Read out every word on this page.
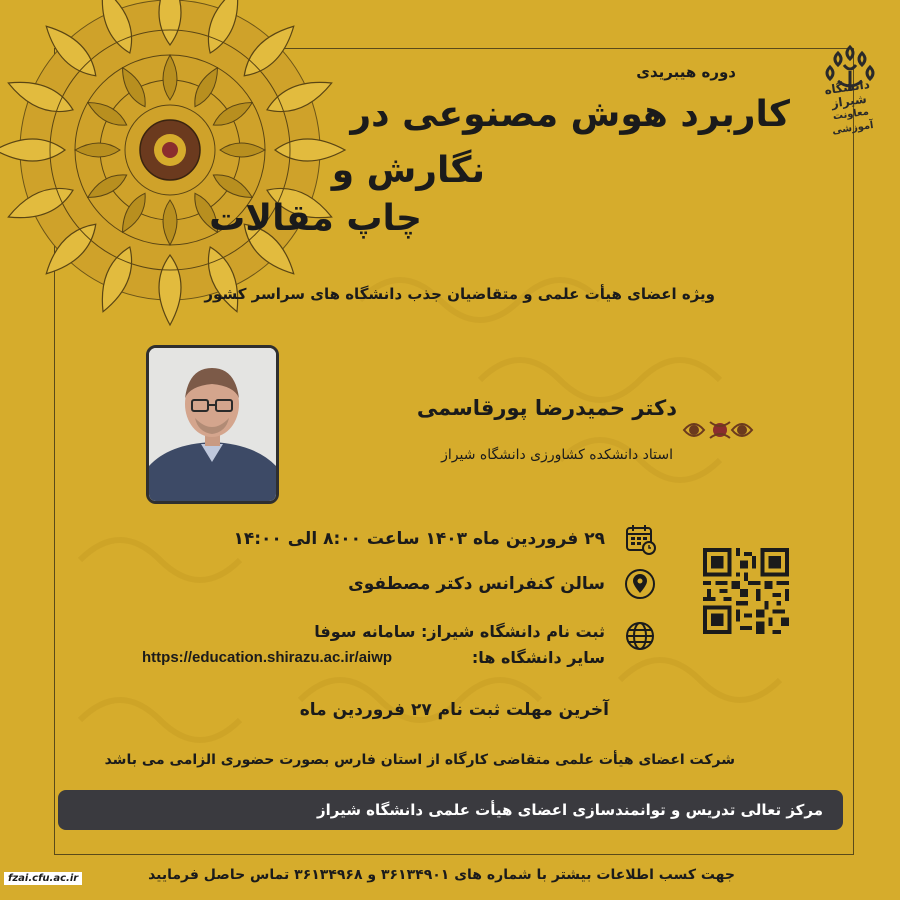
دانشگاه شیراز
معاونت آموزشی
دوره هیبریدی
کاربرد هوش مصنوعی در
نگارش و
چاپ مقالات
ویژه اعضای هیأت علمی و متقاضیان جذب دانشگاه های سراسر کشور
دکتر حمیدرضا پورقاسمی
استاد دانشکده کشاورزی دانشگاه شیراز
۲۹ فروردین ماه ۱۴۰۳ ساعت ۸:۰۰ الی ۱۴:۰۰
سالن کنفرانس دکتر مصطفوی
ثبت نام دانشگاه شیراز: سامانه سوفا
سایر دانشگاه ها:
https://education.shirazu.ac.ir/aiwp
آخرین مهلت ثبت نام ۲۷ فروردین ماه
شرکت اعضای هیأت علمی متقاضی کارگاه از استان فارس بصورت حضوری الزامی می باشد
مرکز تعالی تدریس و توانمندسازی اعضای هیأت علمی دانشگاه شیراز
جهت کسب اطلاعات بیشتر با شماره های ۳۶۱۳۴۹۰۱ و ۳۶۱۳۴۹۶۸ تماس حاصل فرمایید
fzai.cfu.ac.ir
